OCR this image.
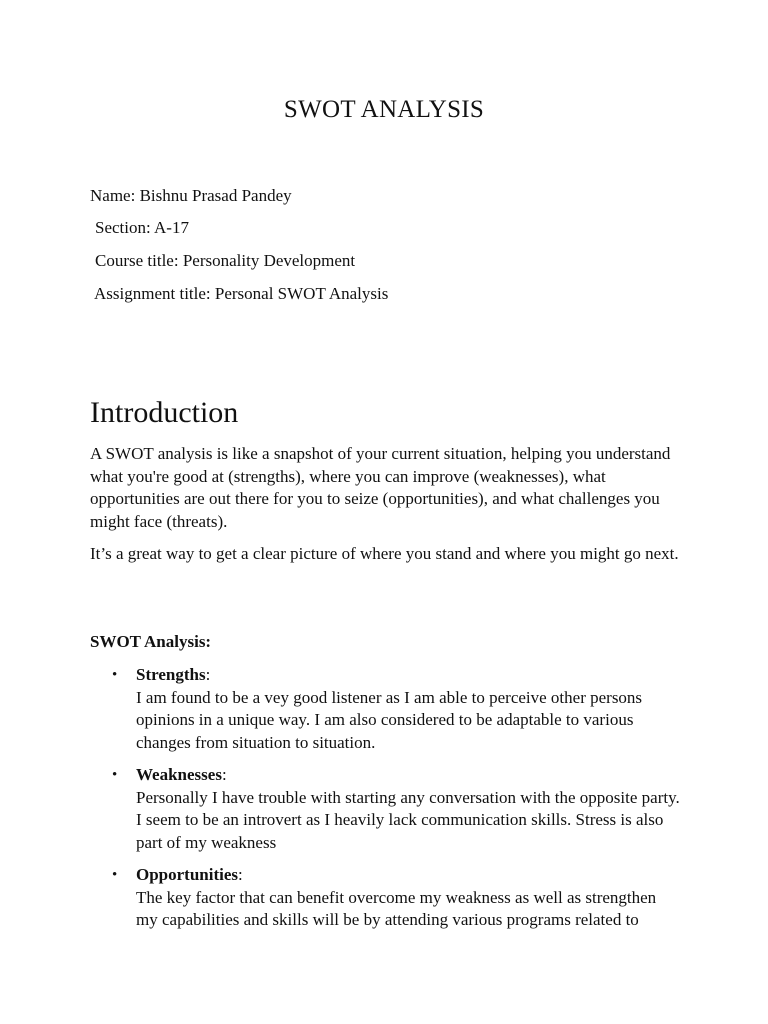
SWOT ANALYSIS
Name: Bishnu Prasad Pandey
Section: A-17
Course title: Personality Development
Assignment title: Personal SWOT Analysis
Introduction
A SWOT analysis is like a snapshot of your current situation, helping you understand what you're good at (strengths), where you can improve (weaknesses), what opportunities are out there for you to seize (opportunities), and what challenges you might face (threats).
It’s a great way to get a clear picture of where you stand and where you might go next.
SWOT Analysis:
• Strengths:
I am found to be a vey good listener as I am able to perceive other persons opinions in a unique way. I am also considered to be adaptable to various changes from situation to situation.
• Weaknesses:
Personally I have trouble with starting any conversation with the opposite party. I seem to be an introvert as I heavily lack communication skills. Stress is also part of my weakness
• Opportunities:
The key factor that can benefit overcome my weakness as well as strengthen my capabilities and skills will be by attending various programs related to
